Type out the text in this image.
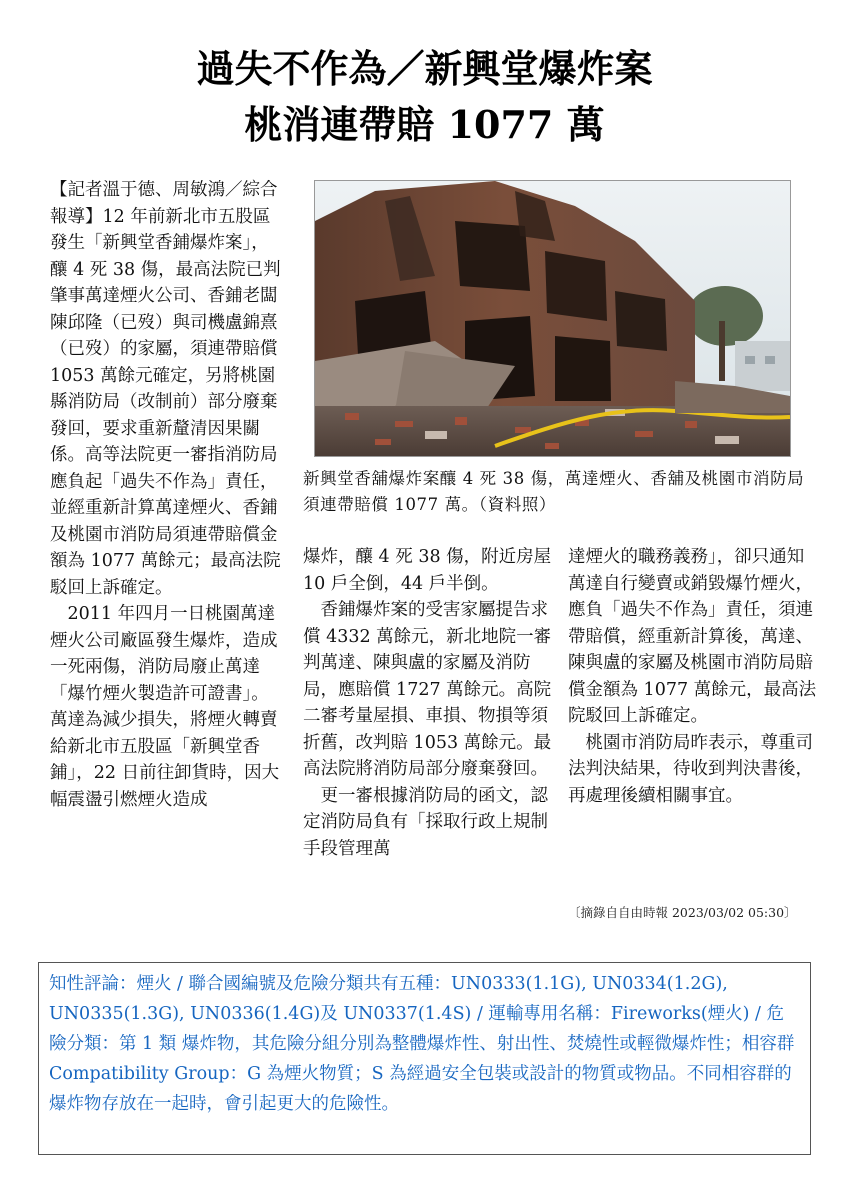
過失不作為／新興堂爆炸案
桃消連帶賠 1077 萬

【記者溫于德、周敏鴻／綜合報導】12 年前新北市五股區發生「新興堂香鋪爆炸案」，釀 4 死 38 傷，最高法院已判肇事萬達煙火公司、香鋪老闆陳邱隆（已歿）與司機盧錦熹（已歿）的家屬，須連帶賠償 1053 萬餘元確定，另將桃園縣消防局（改制前）部分廢棄發回，要求重新釐清因果關係。高等法院更一審指消防局應負起「過失不作為」責任，並經重新計算萬達煙火、香鋪及桃園市消防局須連帶賠償金額為 1077 萬餘元；最高法院駁回上訴確定。

2011 年四月一日桃園萬達煙火公司廠區發生爆炸，造成一死兩傷，消防局廢止萬達「爆竹煙火製造許可證書」。萬達為減少損失，將煙火轉賣給新北市五股區「新興堂香鋪」，22 日前往卸貨時，因大幅震盪引燃煙火造成

新興堂香舖爆炸案釀 4 死 38 傷，萬達煙火、香舖及桃園市消防局須連帶賠償 1077 萬。（資料照）

爆炸，釀 4 死 38 傷，附近房屋 10 戶全倒，44 戶半倒。

香鋪爆炸案的受害家屬提告求償 4332 萬餘元，新北地院一審判萬達、陳與盧的家屬及消防局，應賠償 1727 萬餘元。高院二審考量屋損、車損、物損等須折舊，改判賠 1053 萬餘元。最高法院將消防局部分廢棄發回。

更一審根據消防局的函文，認定消防局負有「採取行政上規制手段管理萬

達煙火的職務義務」，卻只通知萬達自行變賣或銷毀爆竹煙火，應負「過失不作為」責任，須連帶賠償，經重新計算後，萬達、陳與盧的家屬及桃園市消防局賠償金額為 1077 萬餘元，最高法院駁回上訴確定。

桃園市消防局昨表示，尊重司法判決結果，待收到判決書後，再處理後續相關事宜。

〔摘錄自自由時報 2023/03/02 05:30〕
知性評論：煙火 / 聯合國編號及危險分類共有五種：UN0333(1.1G), UN0334(1.2G), UN0335(1.3G), UN0336(1.4G)及 UN0337(1.4S) / 運輸專用名稱：Fireworks(煙火) / 危險分類：第 1 類 爆炸物，其危險分組分別為整體爆炸性、射出性、焚燒性或輕微爆炸性；相容群 Compatibility Group：G 為煙火物質；S 為經過安全包裝或設計的物質或物品。不同相容群的爆炸物存放在一起時，會引起更大的危險性。
